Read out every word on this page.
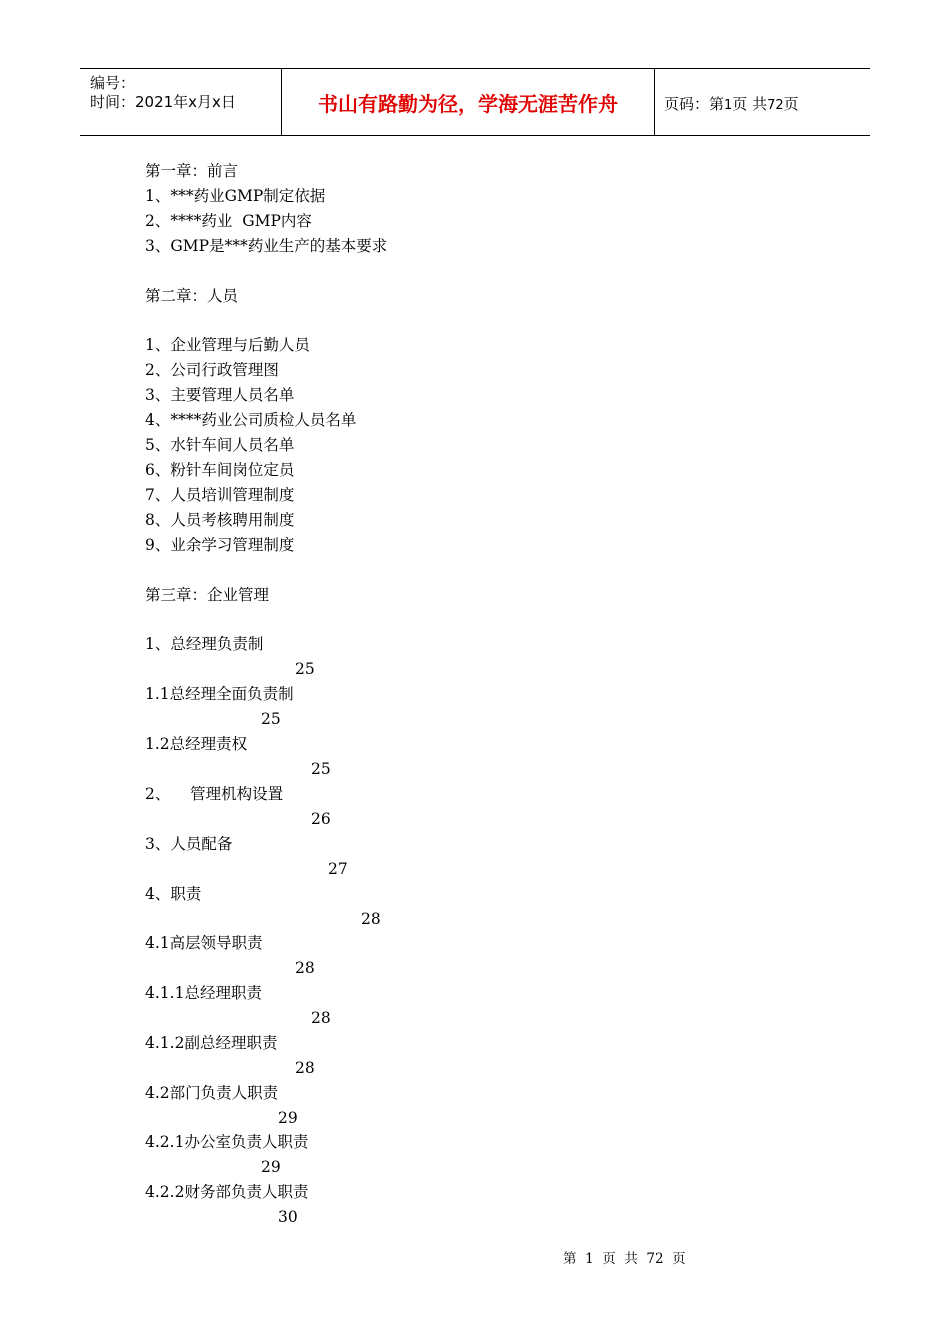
编号：
时间：2021年x月x日	书山有路勤为径，学海无涯苦作舟	页码：第1页 共72页
第一章：前言
1、***药业GMP制定依据
2、****药业  GMP内容
3、GMP是***药业生产的基本要求
第二章：人员
1、企业管理与后勤人员
2、公司行政管理图
3、主要管理人员名单
4、****药业公司质检人员名单
5、水针车间人员名单
6、粉针车间岗位定员
7、人员培训管理制度
8、人员考核聘用制度
9、业余学习管理制度
第三章：企业管理
1、总经理负责制
25
1.1总经理全面负责制
25
1.2总经理责权
25
2、    管理机构设置
26
3、人员配备
27
4、职责
28
4.1高层领导职责
28
4.1.1总经理职责
28
4.1.2副总经理职责
28
4.2部门负责人职责
29
4.2.1办公室负责人职责
29
4.2.2财务部负责人职责
30
第  1  页  共  72  页
